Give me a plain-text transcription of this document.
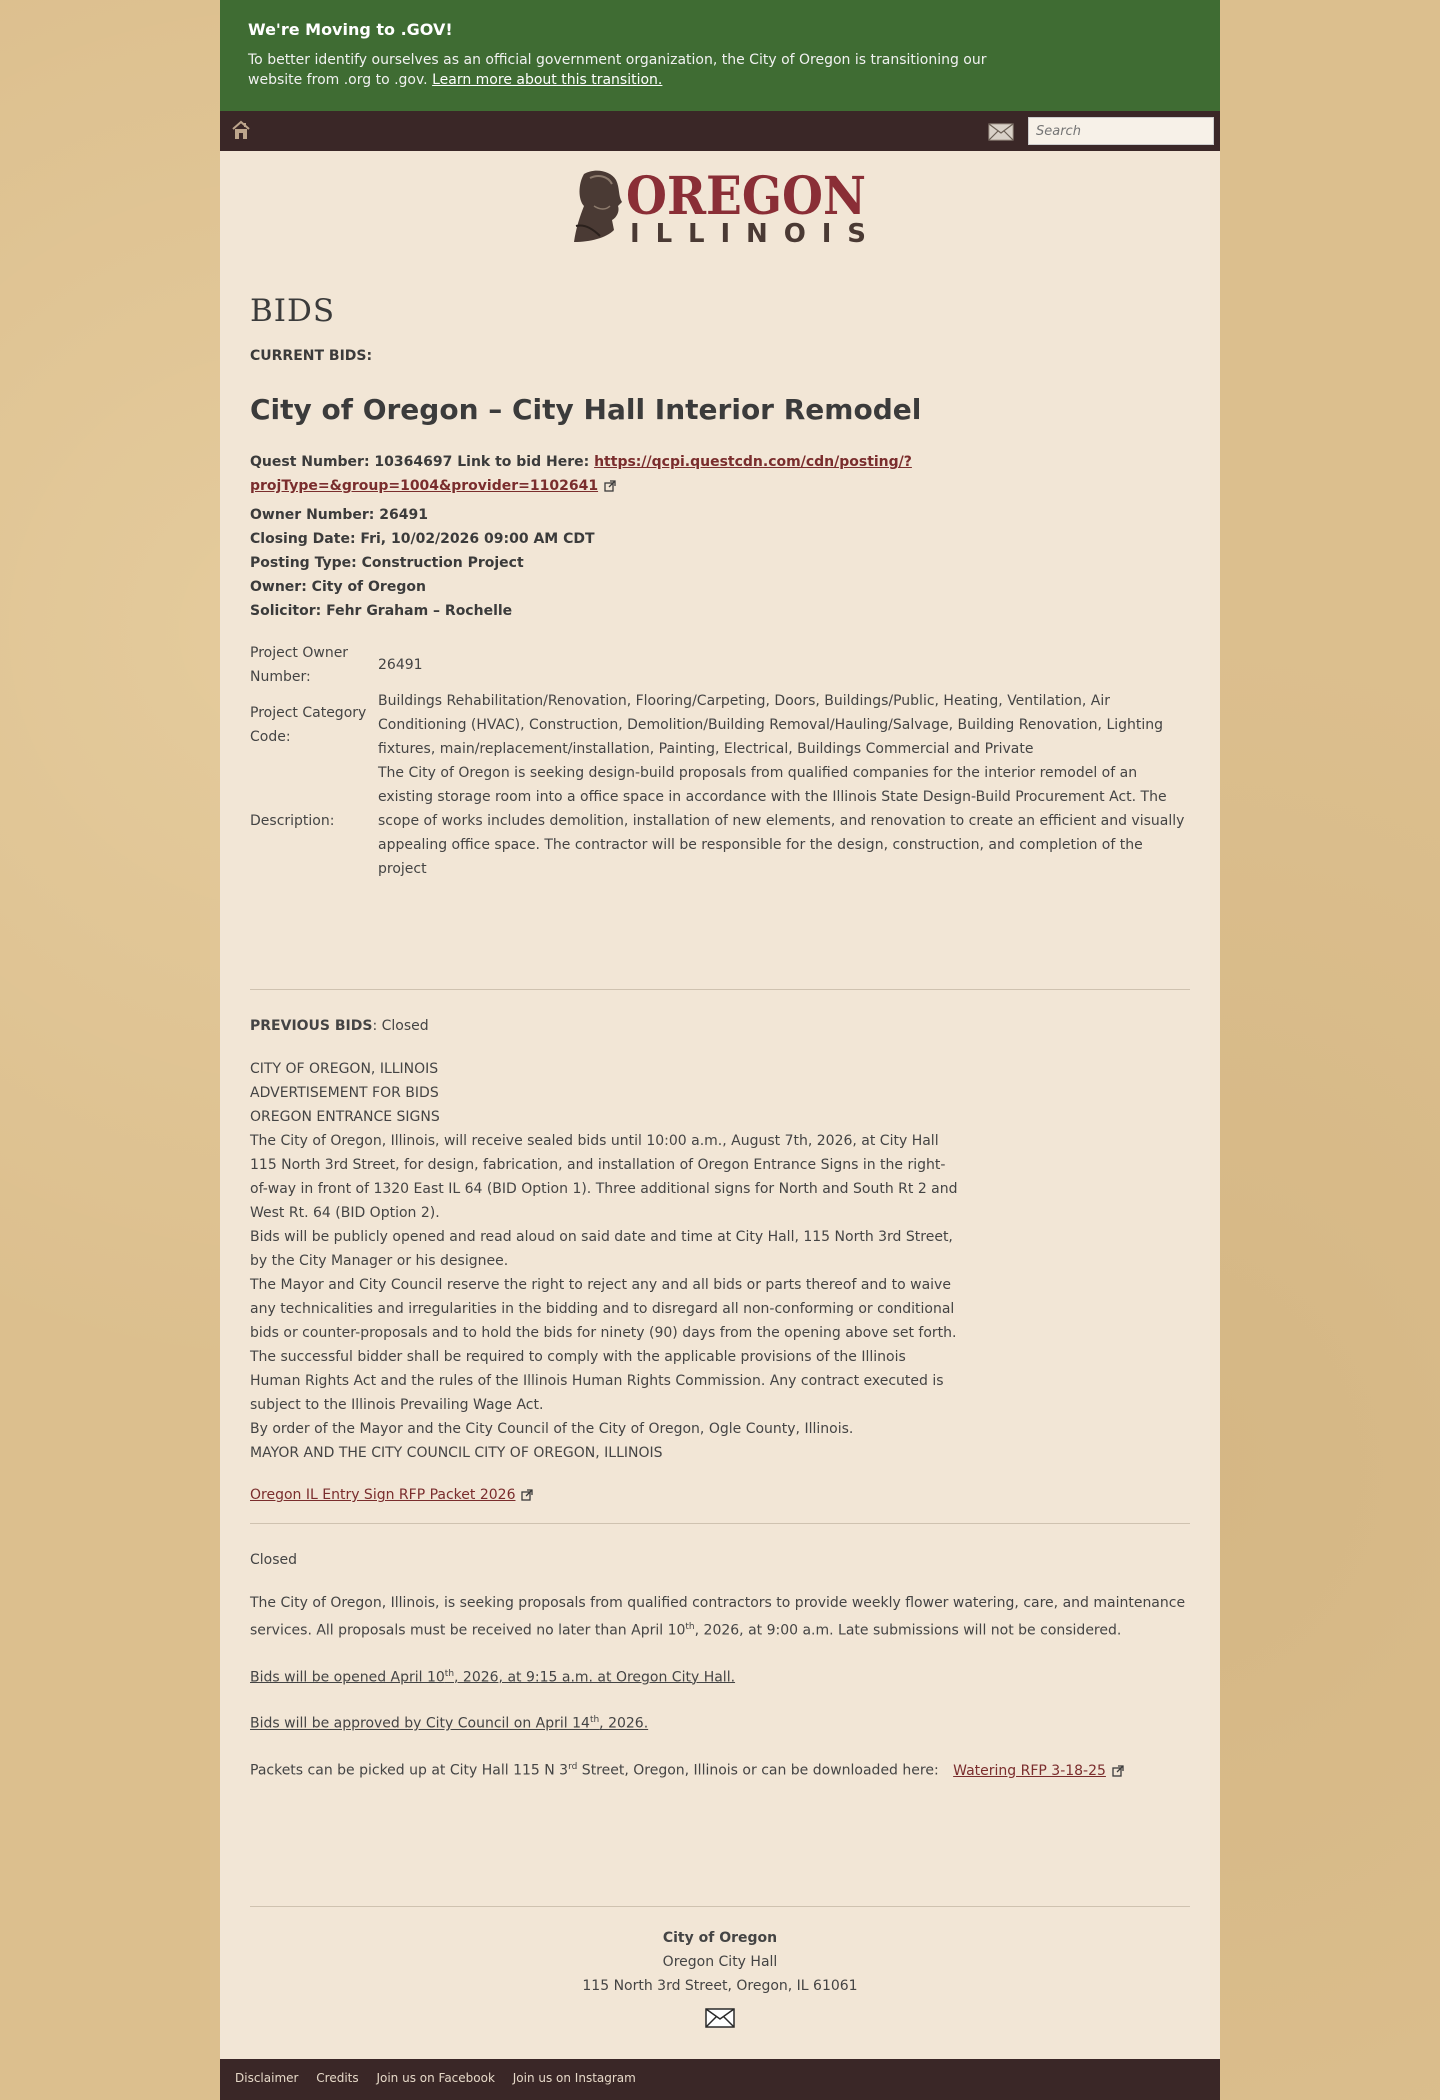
We're Moving to .GOV!

To better identify ourselves as an official government organization, the City of Oregon is transitioning our website from .org to .gov. Learn more about this transition.

Search
OREGON
ILLINOIS
BIDS
CURRENT BIDS:
City of Oregon – City Hall Interior Remodel
Quest Number: 10364697 Link to bid Here: https://qcpi.questcdn.com/cdn/posting/?
projType=&group=1004&provider=1102641
Owner Number: 26491
Closing Date: Fri, 10/02/2026 09:00 AM CDT
Posting Type: Construction Project
Owner: City of Oregon
Solicitor: Fehr Graham – Rochelle
Project Owner Number:	26491
Project Category Code:	Buildings Rehabilitation/Renovation, Flooring/Carpeting, Doors, Buildings/Public, Heating, Ventilation, Air Conditioning (HVAC), Construction, Demolition/Building Removal/Hauling/Salvage, Building Renovation, Lighting fixtures, main/replacement/installation, Painting, Electrical, Buildings Commercial and Private
Description:	The City of Oregon is seeking design-build proposals from qualified companies for the interior remodel of an existing storage room into a office space in accordance with the Illinois State Design-Build Procurement Act. The scope of works includes demolition, installation of new elements, and renovation to create an efficient and visually appealing office space. The contractor will be responsible for the design, construction, and completion of the project
PREVIOUS BIDS: Closed
CITY OF OREGON, ILLINOIS
ADVERTISEMENT FOR BIDS
OREGON ENTRANCE SIGNS
The City of Oregon, Illinois, will receive sealed bids until 10:00 a.m., August 7th, 2026, at City Hall 115 North 3rd Street, for design, fabrication, and installation of Oregon Entrance Signs in the right-of-way in front of 1320 East IL 64 (BID Option 1). Three additional signs for North and South Rt 2 and West Rt. 64 (BID Option 2).
Bids will be publicly opened and read aloud on said date and time at City Hall, 115 North 3rd Street, by the City Manager or his designee.
The Mayor and City Council reserve the right to reject any and all bids or parts thereof and to waive any technicalities and irregularities in the bidding and to disregard all non-conforming or conditional bids or counter-proposals and to hold the bids for ninety (90) days from the opening above set forth.
The successful bidder shall be required to comply with the applicable provisions of the Illinois Human Rights Act and the rules of the Illinois Human Rights Commission. Any contract executed is subject to the Illinois Prevailing Wage Act.
By order of the Mayor and the City Council of the City of Oregon, Ogle County, Illinois.
MAYOR AND THE CITY COUNCIL CITY OF OREGON, ILLINOIS
Oregon IL Entry Sign RFP Packet 2026
Closed

The City of Oregon, Illinois, is seeking proposals from qualified contractors to provide weekly flower watering, care, and maintenance services. All proposals must be received no later than April 10th, 2026, at 9:00 a.m. Late submissions will not be considered.

Bids will be opened April 10th, 2026, at 9:15 a.m. at Oregon City Hall.

Bids will be approved by City Council on April 14th, 2026.

Packets can be picked up at City Hall 115 N 3rd Street, Oregon, Illinois or can be downloaded here: Watering RFP 3-18-25

City of Oregon
Oregon City Hall
115 North 3rd Street, Oregon, IL 61061
Disclaimer Credits Join us on Facebook Join us on Instagram
